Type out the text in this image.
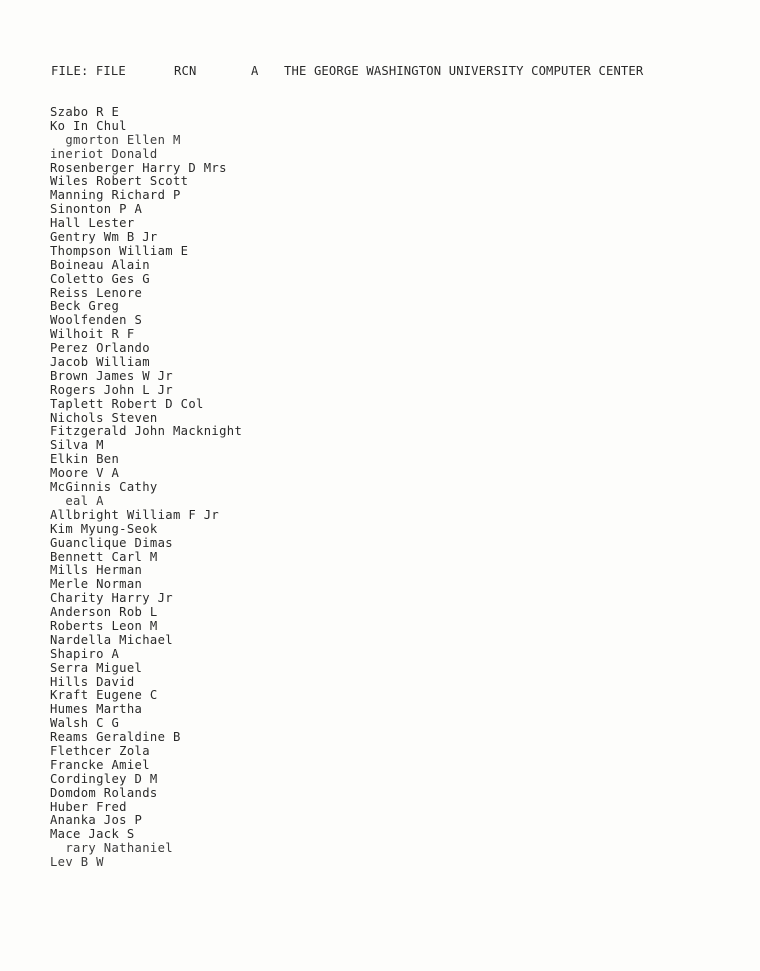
FILE: FILE	RCN	A THE GEORGE WASHINGTON UNIVERSITY COMPUTER CENTER
Szabo R E
Ko In Chul
gmorton Ellen M
ineriot Donald
Rosenberger Harry D Mrs
Wiles Robert Scott
Manning Richard P
Sinonton P A
Hall Lester
Gentry Wm B Jr
Thompson William E
Boineau Alain
Coletto Ges G
Reiss Lenore
Beck Greg
Woolfenden S
Wilhoit R F
Perez Orlando
Jacob William
Brown James W Jr
Rogers John L Jr
Taplett Robert D Col
Nichols Steven
Fitzgerald John Macknight
Silva M
Elkin Ben
Moore V A
McGinnis Cathy
eal A
Allbright William F Jr
Kim Myung-Seok
Guanclique Dimas
Bennett Carl M
Mills Herman
Merle Norman
Charity Harry Jr
Anderson Rob L
Roberts Leon M
Nardella Michael
Shapiro A
Serra Miguel
Hills David
Kraft Eugene C
Humes Martha
Walsh C G
Reams Geraldine B
Flethcer Zola
Francke Amiel
Cordingley D M
Domdom Rolands
Huber Fred
Ananka Jos P
Mace Jack S
rary Nathaniel
Lev B W
